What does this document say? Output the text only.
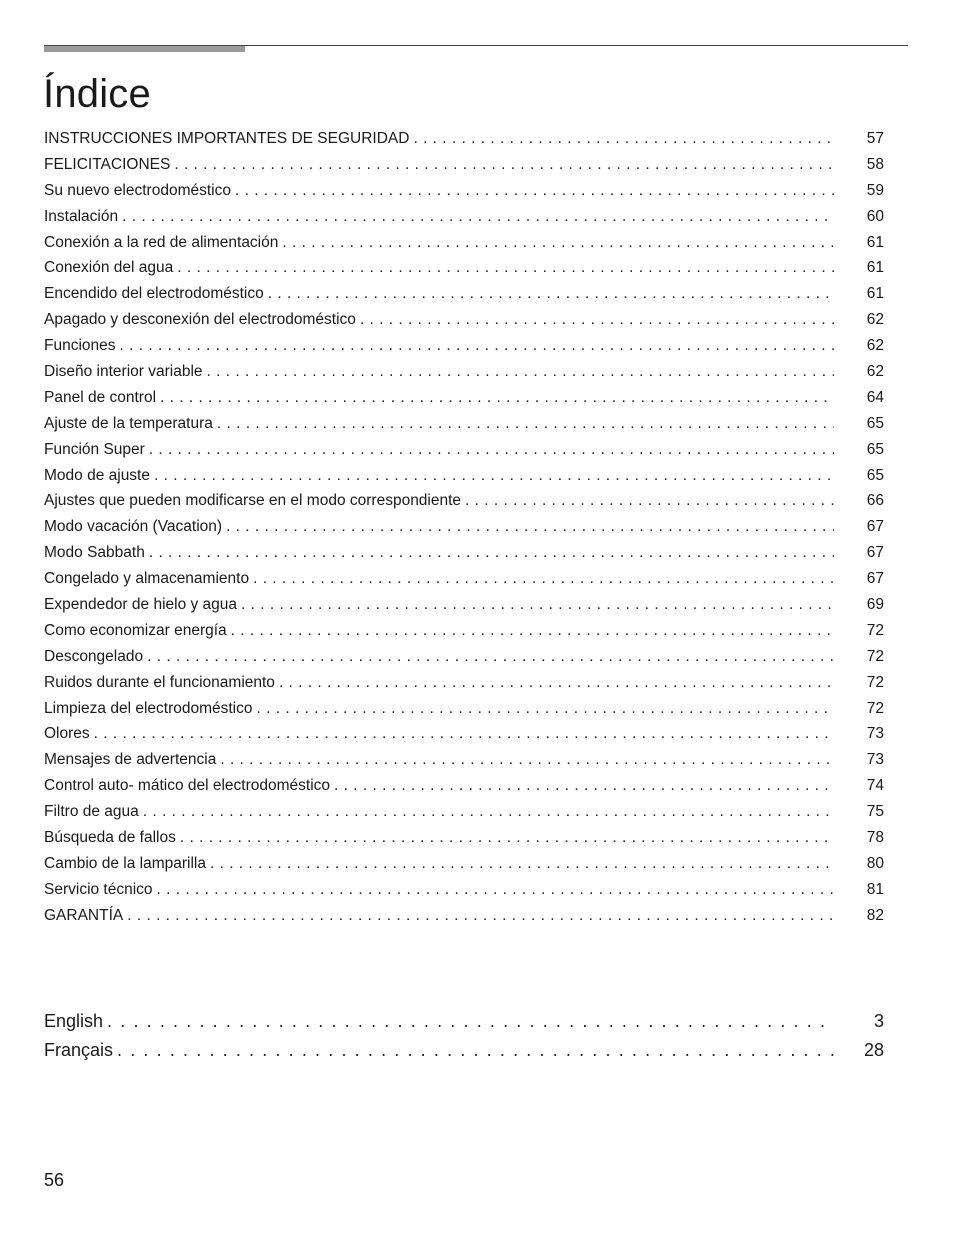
Índice
INSTRUCCIONES IMPORTANTES DE SEGURIDAD . . .	57
FELICITACIONES . . .	58
Su nuevo electrodoméstico . . .	59
Instalación . . .	60
Conexión a la red de alimentación . . .	61
Conexión del agua . . .	61
Encendido del electrodoméstico . . .	61
Apagado y desconexión del electrodoméstico . . .	62
Funciones . . .	62
Diseño interior variable . . .	62
Panel de control . . .	64
Ajuste de la temperatura . . .	65
Función Super . . .	65
Modo de ajuste . . .	65
Ajustes que pueden modificarse en el modo correspondiente . . .	66
Modo vacación (Vacation) . . .	67
Modo Sabbath . . .	67
Congelado y almacenamiento . . .	67
Expendedor de hielo y agua . . .	69
Como economizar energía . . .	72
Descongelado . . .	72
Ruidos durante el funcionamiento . . .	72
Limpieza del electrodoméstico . . .	72
Olores . . .	73
Mensajes de advertencia . . .	73
Control auto- mático del electrodoméstico . . .	74
Filtro de agua . . .	75
Búsqueda de fallos . . .	78
Cambio de la lamparilla . . .	80
Servicio técnico . . .	81
GARANTÍA . . .	82
English . . .	3
Français . . .	28
56
